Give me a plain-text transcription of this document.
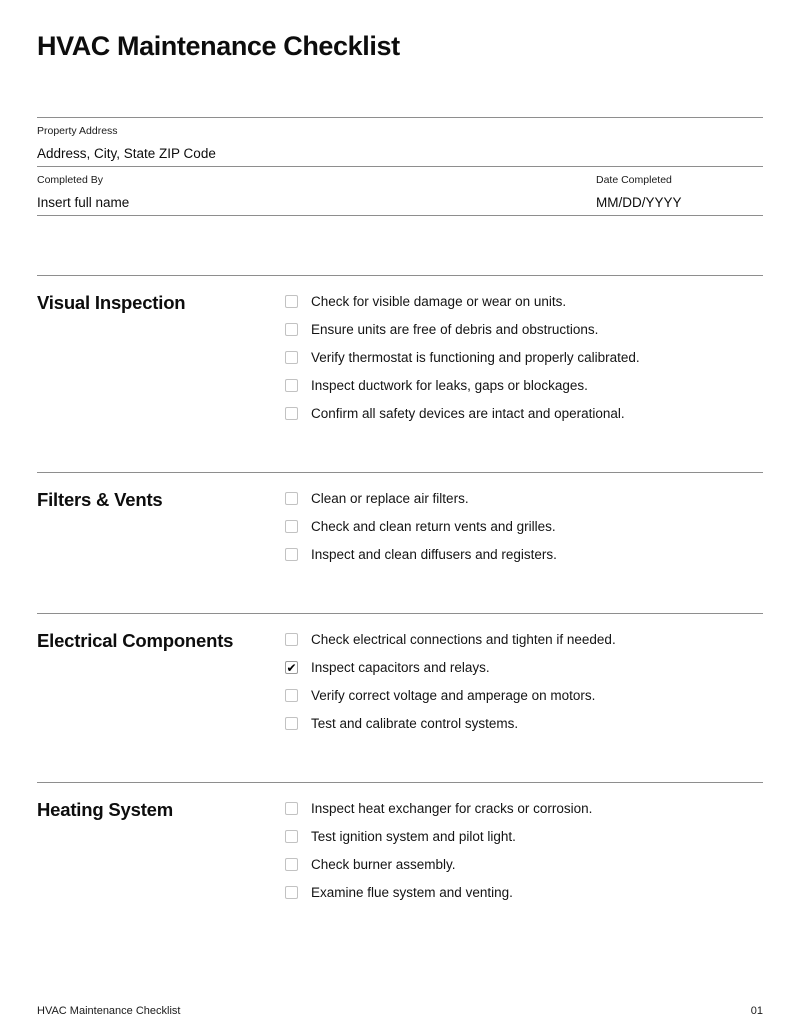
HVAC Maintenance Checklist
Property Address
Address, City, State ZIP Code
Completed By
Insert full name
Date Completed
MM/DD/YYYY
Visual Inspection	Check for visible damage or wear on units.
Ensure units are free of debris and obstructions.
Verify thermostat is functioning and properly calibrated.
Inspect ductwork for leaks, gaps or blockages.
Confirm all safety devices are intact and operational.
Filters & Vents	Clean or replace air filters.
Check and clean return vents and grilles.
Inspect and clean diffusers and registers.
Electrical Components	Check electrical connections and tighten if needed.
✔ Inspect capacitors and relays.
Verify correct voltage and amperage on motors.
Test and calibrate control systems.
Heating System	Inspect heat exchanger for cracks or corrosion.
Test ignition system and pilot light.
Check burner assembly.
Examine flue system and venting.
HVAC Maintenance Checklist	01
